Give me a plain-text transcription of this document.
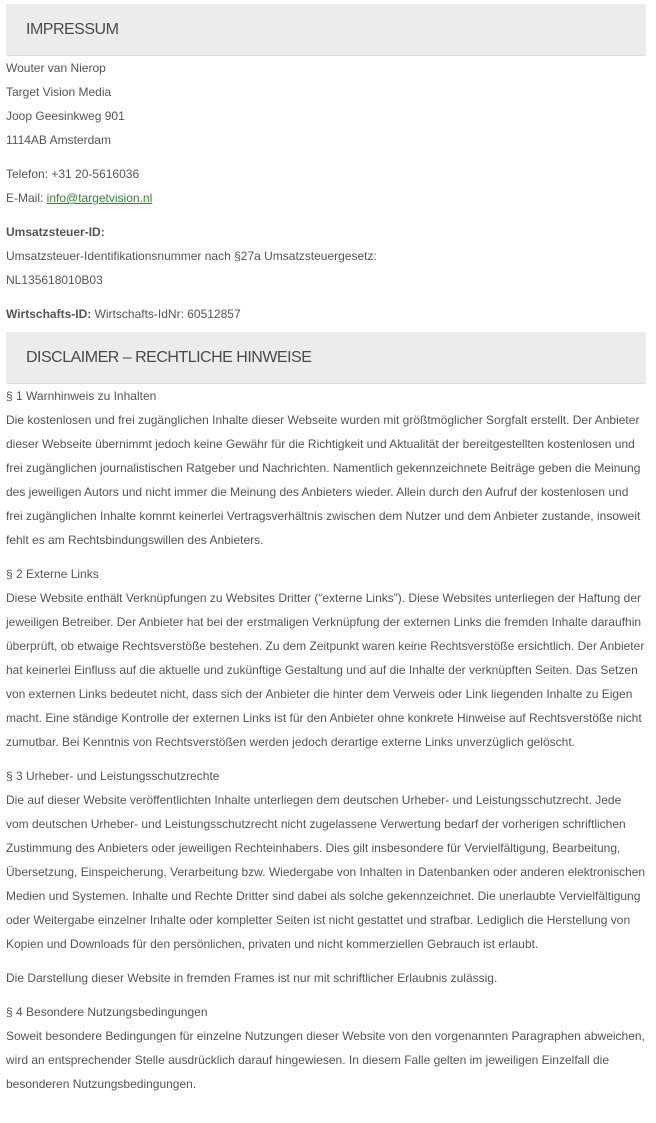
IMPRESSUM

Wouter van Nierop

Target Vision Media

Joop Geesinkweg 901

1114AB Amsterdam

Telefon: +31 20-5616036

E-Mail: info@targetvision.nl

Umsatzsteuer-ID:

Umsatzsteuer-Identifikationsnummer nach §27a Umsatzsteuergesetz:

NL135618010B03

Wirtschafts-ID: Wirtschafts-IdNr: 60512857

DISCLAIMER – RECHTLICHE HINWEISE

§ 1 Warnhinweis zu Inhalten

Die kostenlosen und frei zugänglichen Inhalte dieser Webseite wurden mit größtmöglicher Sorgfalt erstellt. Der Anbieter dieser Webseite übernimmt jedoch keine Gewähr für die Richtigkeit und Aktualität der bereitgestellten kostenlosen und frei zugänglichen journalistischen Ratgeber und Nachrichten. Namentlich gekennzeichnete Beiträge geben die Meinung des jeweiligen Autors und nicht immer die Meinung des Anbieters wieder. Allein durch den Aufruf der kostenlosen und frei zugänglichen Inhalte kommt keinerlei Vertragsverhältnis zwischen dem Nutzer und dem Anbieter zustande, insoweit fehlt es am Rechtsbindungswillen des Anbieters.

§ 2 Externe Links

Diese Website enthält Verknüpfungen zu Websites Dritter (“externe Links”). Diese Websites unterliegen der Haftung der jeweiligen Betreiber. Der Anbieter hat bei der erstmaligen Verknüpfung der externen Links die fremden Inhalte daraufhin überprüft, ob etwaige Rechtsverstöße bestehen. Zu dem Zeitpunkt waren keine Rechtsverstöße ersichtlich. Der Anbieter hat keinerlei Einfluss auf die aktuelle und zukünftige Gestaltung und auf die Inhalte der verknüpften Seiten. Das Setzen von externen Links bedeutet nicht, dass sich der Anbieter die hinter dem Verweis oder Link liegenden Inhalte zu Eigen macht. Eine ständige Kontrolle der externen Links ist für den Anbieter ohne konkrete Hinweise auf Rechtsverstöße nicht zumutbar. Bei Kenntnis von Rechtsverstößen werden jedoch derartige externe Links unverzüglich gelöscht.

§ 3 Urheber- und Leistungsschutzrechte

Die auf dieser Website veröffentlichten Inhalte unterliegen dem deutschen Urheber- und Leistungsschutzrecht. Jede vom deutschen Urheber- und Leistungsschutzrecht nicht zugelassene Verwertung bedarf der vorherigen schriftlichen Zustimmung des Anbieters oder jeweiligen Rechteinhabers. Dies gilt insbesondere für Vervielfältigung, Bearbeitung, Übersetzung, Einspeicherung, Verarbeitung bzw. Wiedergabe von Inhalten in Datenbanken oder anderen elektronischen Medien und Systemen. Inhalte und Rechte Dritter sind dabei als solche gekennzeichnet. Die unerlaubte Vervielfältigung oder Weitergabe einzelner Inhalte oder kompletter Seiten ist nicht gestattet und strafbar. Lediglich die Herstellung von Kopien und Downloads für den persönlichen, privaten und nicht kommerziellen Gebrauch ist erlaubt.

Die Darstellung dieser Website in fremden Frames ist nur mit schriftlicher Erlaubnis zulässig.

§ 4 Besondere Nutzungsbedingungen

Soweit besondere Bedingungen für einzelne Nutzungen dieser Website von den vorgenannten Paragraphen abweichen, wird an entsprechender Stelle ausdrücklich darauf hingewiesen. In diesem Falle gelten im jeweiligen Einzelfall die besonderen Nutzungsbedingungen.
